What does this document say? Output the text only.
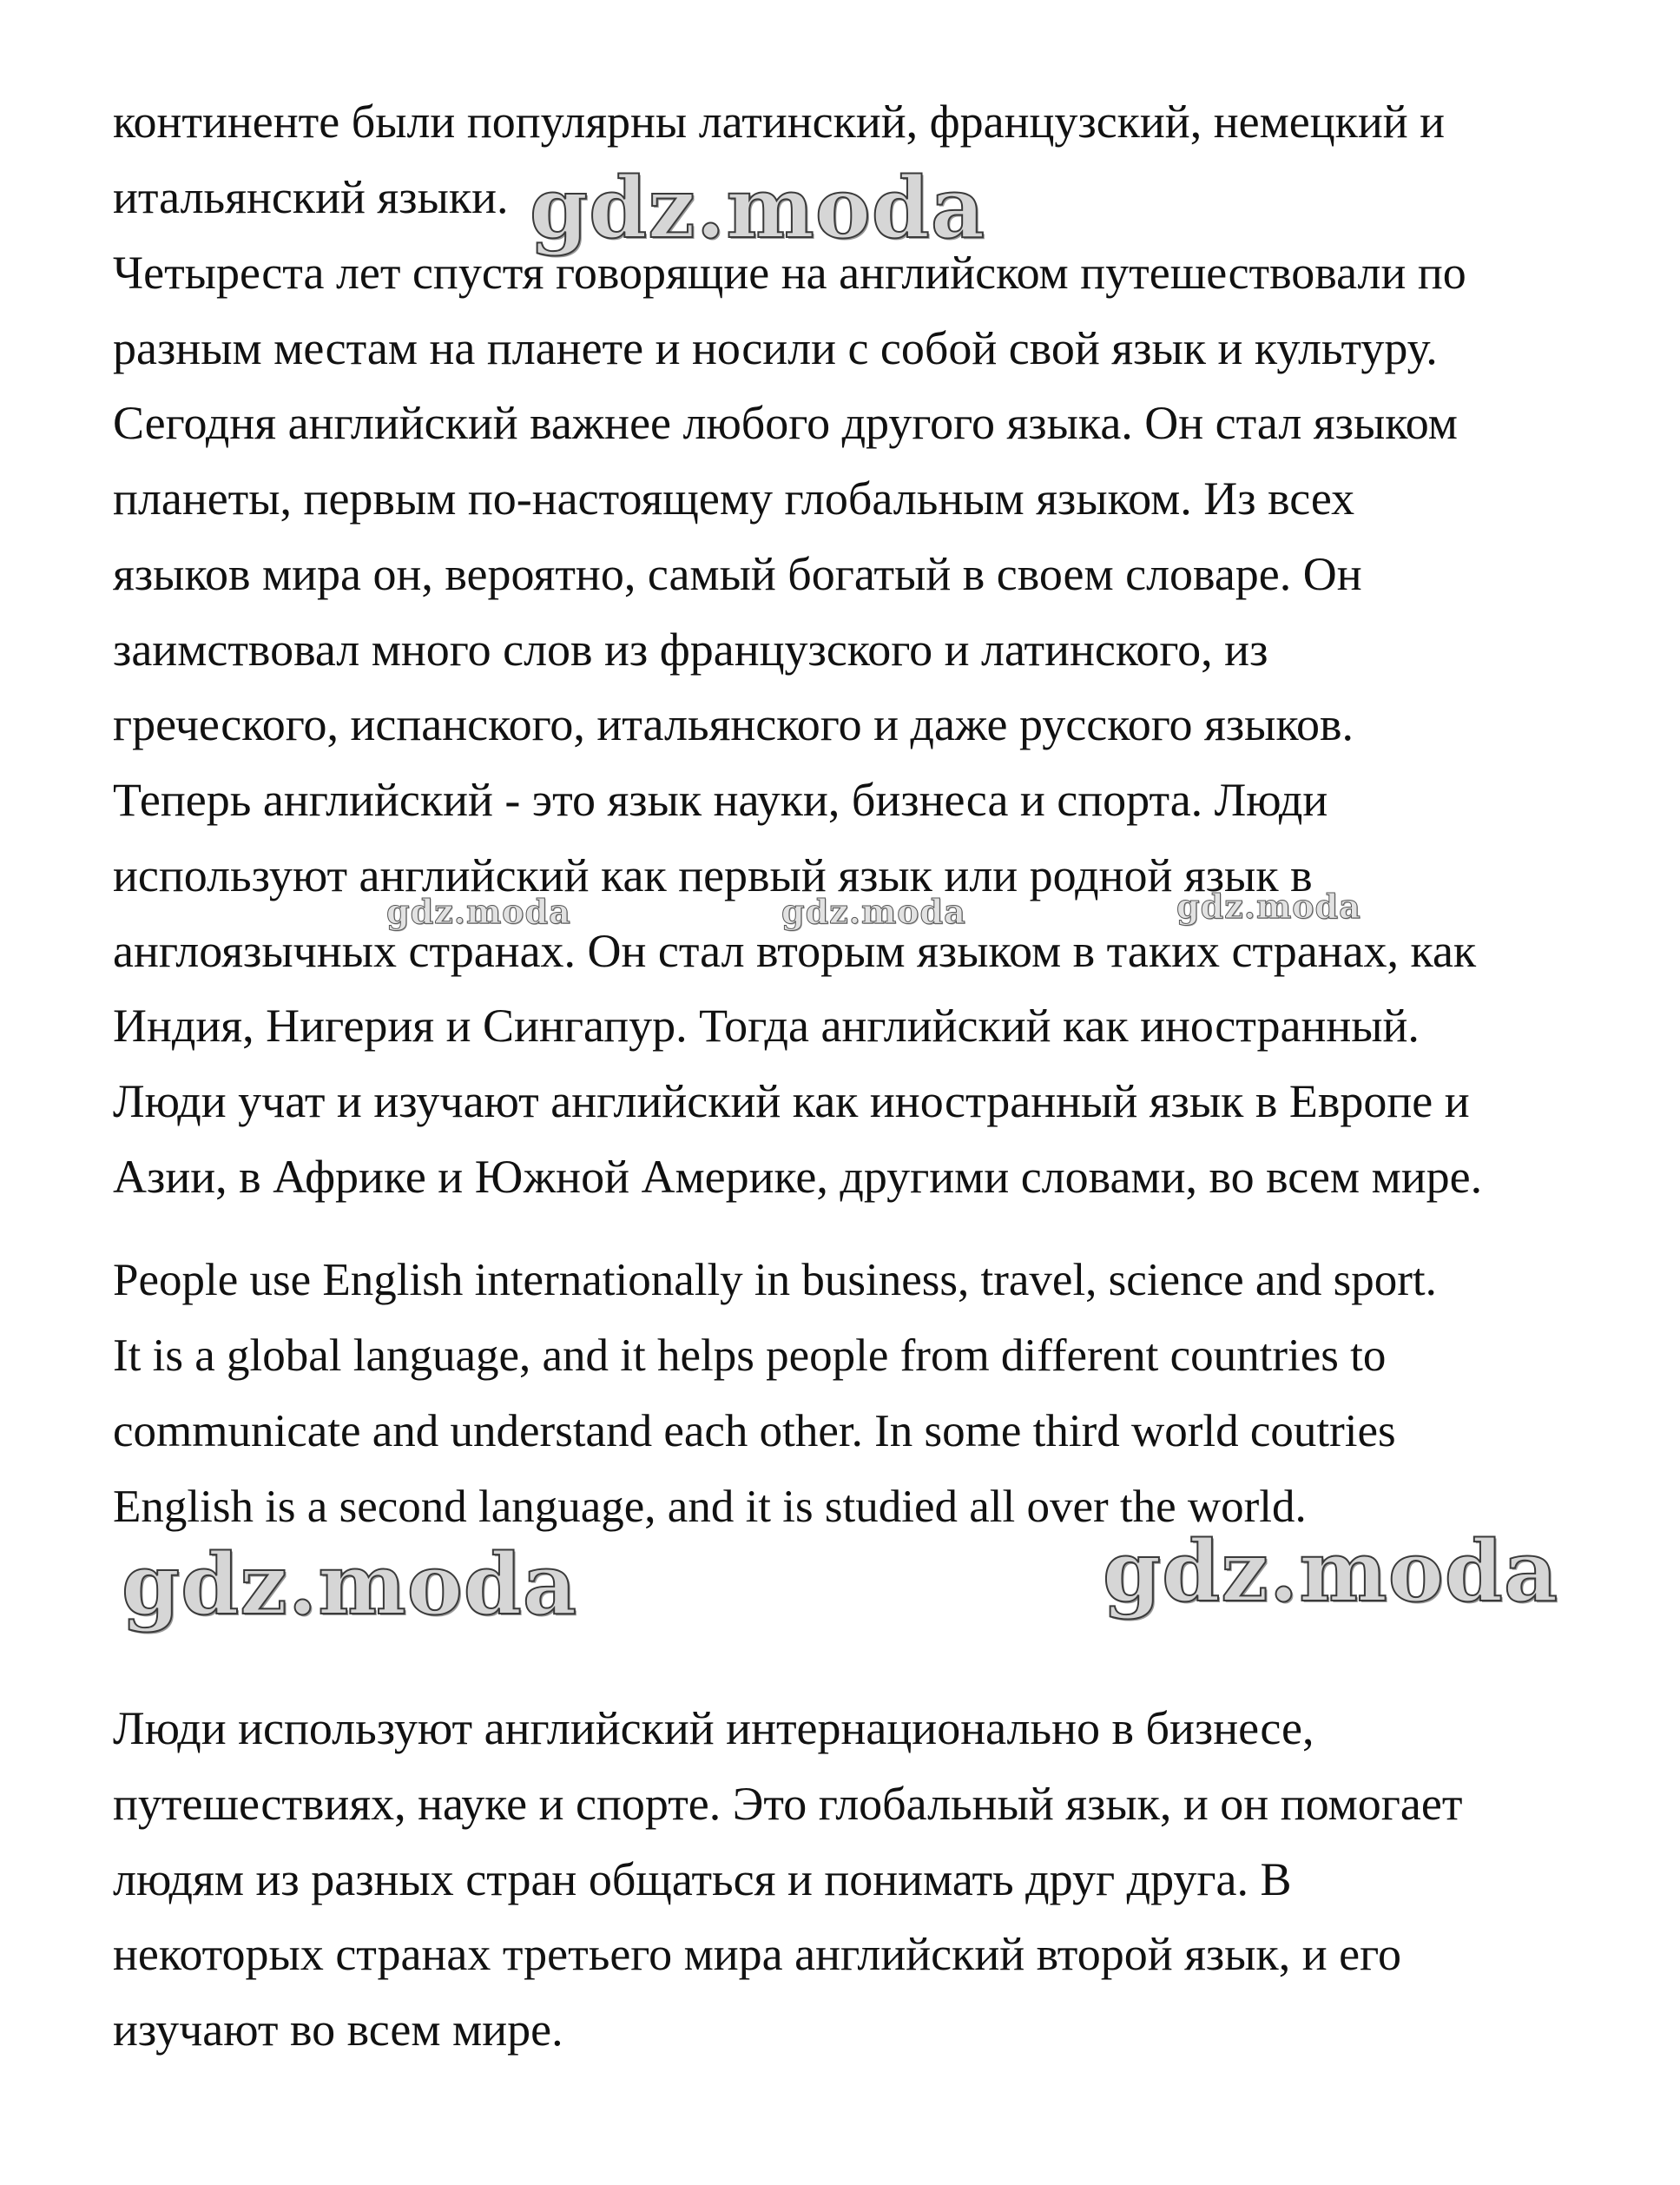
континенте были популярны латинский, французский, немецкий и
итальянский языки.
Четыреста лет спустя говорящие на английском путешествовали по
разным местам на планете и носили с собой свой язык и культуру.
Сегодня английский важнее любого другого языка. Он стал языком
планеты, первым по-настоящему глобальным языком. Из всех
языков мира он, вероятно, самый богатый в своем словаре. Он
заимствовал много слов из французского и латинского, из
греческого, испанского, итальянского и даже русского языков.
Теперь английский - это язык науки, бизнеса и спорта. Люди
используют английский как первый язык или родной язык в
англоязычных странах. Он стал вторым языком в таких странах, как
Индия, Нигерия и Сингапур. Тогда английский как иностранный.
Люди учат и изучают английский как иностранный язык в Европе и
Азии, в Африке и Южной Америке, другими словами, во всем мире.
People use English internationally in business, travel, science and sport.
It is a global language, and it helps people from different countries to
communicate and understand each other. In some third world coutries
English is a second language, and it is studied all over the world.
Люди используют английский интернационально в бизнесе,
путешествиях, науке и спорте. Это глобальный язык, и он помогает
людям из разных стран общаться и понимать друг друга. В
некоторых странах третьего мира английский второй язык, и его
изучают во всем мире.
gdz.moda
gdz.moda	gdz.moda	gdz.moda
gdz.moda	gdz.moda
